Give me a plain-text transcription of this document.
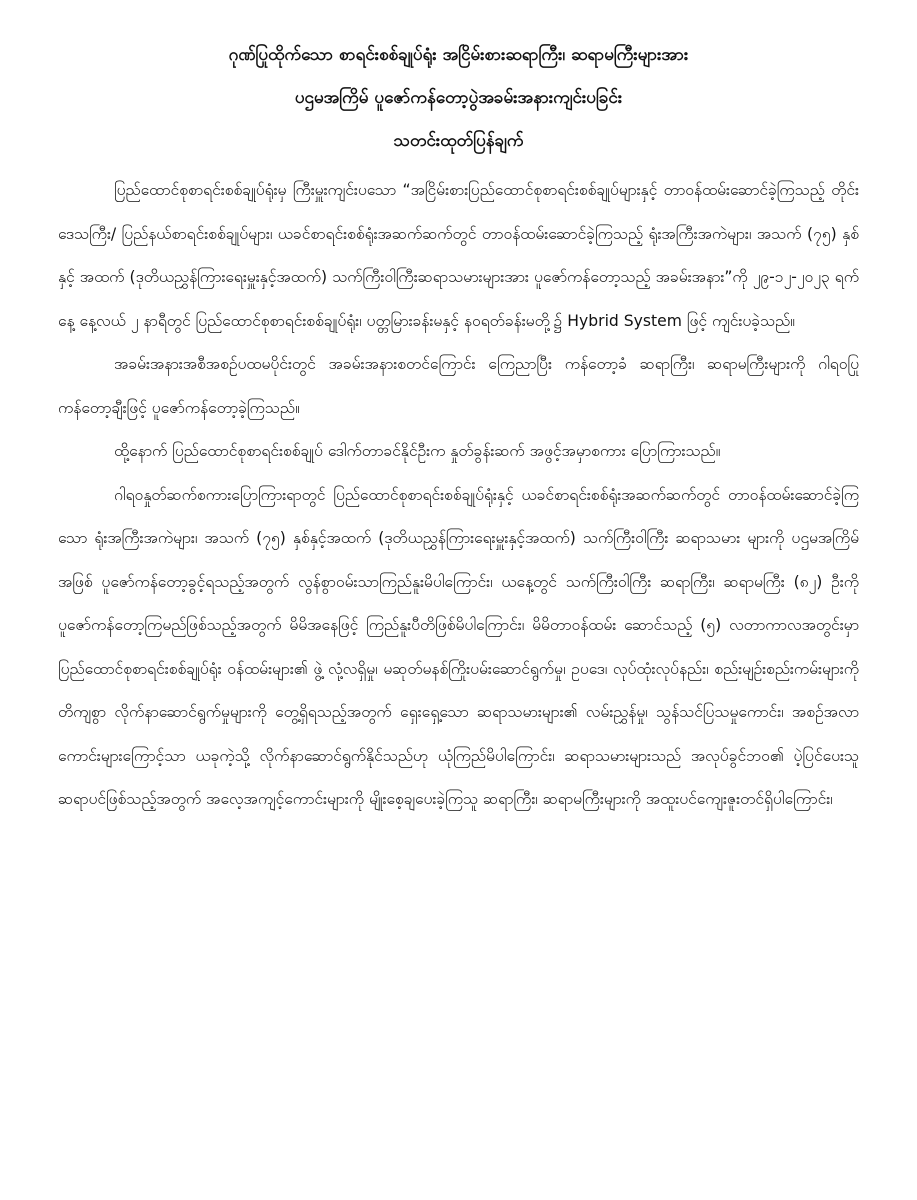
ဂုဏ်ပြုထိုက်သော စာရင်းစစ်ချုပ်ရုံး အငြိမ်းစားဆရာကြီး၊ ဆရာမကြီးများအား
ပဌမအကြိမ် ပူဇော်ကန်တော့ပွဲအခမ်းအနားကျင်းပခြင်း
သတင်းထုတ်ပြန်ချက်

ပြည်ထောင်စုစာရင်းစစ်ချုပ်ရုံးမှ ကြီးမှူးကျင်းပသော “အငြိမ်းစားပြည်ထောင်စုစာရင်းစစ်ချုပ်များနှင့် တာဝန်ထမ်းဆောင်ခဲ့ကြသည့် တိုင်းဒေသကြီး/ ပြည်နယ်စာရင်းစစ်ချုပ်များ၊ ယခင်စာရင်းစစ်ရုံးအဆက်ဆက်တွင် တာဝန်ထမ်းဆောင်ခဲ့ကြသည့် ရုံးအကြီးအကဲများ၊ အသက် (၇၅) နှစ်နှင့် အထက် (ဒုတိယညွှန်ကြားရေးမှူးနှင့်အထက်) သက်ကြီးဝါကြီးဆရာသမားများအား ပူဇော်ကန်တော့သည့် အခမ်းအနား”ကို ၂၉-၁၂-၂၀၂၃ ရက်နေ့ နေ့လယ် ၂ နာရီတွင် ပြည်ထောင်စုစာရင်းစစ်ချုပ်ရုံး၊ ပတ္တမြားခန်းမနှင့် နဝရတ်ခန်းမတို့၌ Hybrid System ဖြင့် ကျင်းပခဲ့သည်။

အခမ်းအနားအစီအစဉ်ပထမပိုင်းတွင် အခမ်းအနားစတင်ကြောင်း ကြေညာပြီး ကန်တော့ခံ ဆရာကြီး၊ ဆရာမကြီးများကို ဂါရဝပြုကန်တော့ချီးဖြင့် ပူဇော်ကန်တော့ခဲ့ကြသည်။

ထို့နောက် ပြည်ထောင်စုစာရင်းစစ်ချုပ် ဒေါက်တာခင်နိုင်ဦးက နှုတ်ခွန်းဆက် အဖွင့်အမှာစကား ပြောကြားသည်။

ဂါရဝနှုတ်ဆက်စကားပြောကြားရာတွင် ပြည်ထောင်စုစာရင်းစစ်ချုပ်ရုံးနှင့် ယခင်စာရင်းစစ်ရုံးအဆက်ဆက်တွင် တာဝန်ထမ်းဆောင်ခဲ့ကြသော ရုံးအကြီးအကဲများ၊ အသက် (၇၅) နှစ်နှင့်အထက် (ဒုတိယညွှန်ကြားရေးမှူးနှင့်အထက်) သက်ကြီးဝါကြီး ဆရာသမား များကို ပဌမအကြိမ်အဖြစ် ပူဇော်ကန်တော့ခွင့်ရသည့်အတွက် လွန်စွာဝမ်းသာကြည်နူးမိပါကြောင်း၊ ယနေ့တွင် သက်ကြီးဝါကြီး ဆရာကြီး၊ ဆရာမကြီး (၈၂) ဦးကို ပူဇော်ကန်တော့ကြမည်ဖြစ်သည့်အတွက် မိမိအနေဖြင့် ကြည်နူးပီတိဖြစ်မိပါကြောင်း၊ မိမိတာဝန်ထမ်း ဆောင်သည့် (၅) လတာကာလအတွင်းမှာ ပြည်ထောင်စုစာရင်းစစ်ချုပ်ရုံး ဝန်ထမ်းများ၏ ဖွဲ့ လုံ့လရှိမှု၊ မဆုတ်မနစ်ကြိုးပမ်းဆောင်ရွက်မှု၊ ဥပဒေ၊ လုပ်ထုံးလုပ်နည်း၊ စည်းမျဉ်းစည်းကမ်းများကို တိကျစွာ လိုက်နာဆောင်ရွက်မှုများကို တွေ့ရှိရသည့်အတွက် ရှေးရှေ့သော ဆရာသမားများ၏ လမ်းညွှန်မှု၊ သွန်သင်ပြသမှုကောင်း၊ အစဉ်အလာကောင်းများကြောင့်သာ ယခုကဲ့သို့ လိုက်နာဆောင်ရွက်နိုင်သည်ဟု ယုံကြည်မိပါကြောင်း၊ ဆရာသမားများသည် အလုပ်ခွင်ဘဝ၏ ပဲ့ပြင်ပေးသူဆရာပင်ဖြစ်သည့်အတွက် အလေ့အကျင့်ကောင်းများကို မျိုးစေ့ချပေးခဲ့ကြသူ ဆရာကြီး၊ ဆရာမကြီးများကို အထူးပင်ကျေးဇူးတင်ရှိပါကြောင်း၊
